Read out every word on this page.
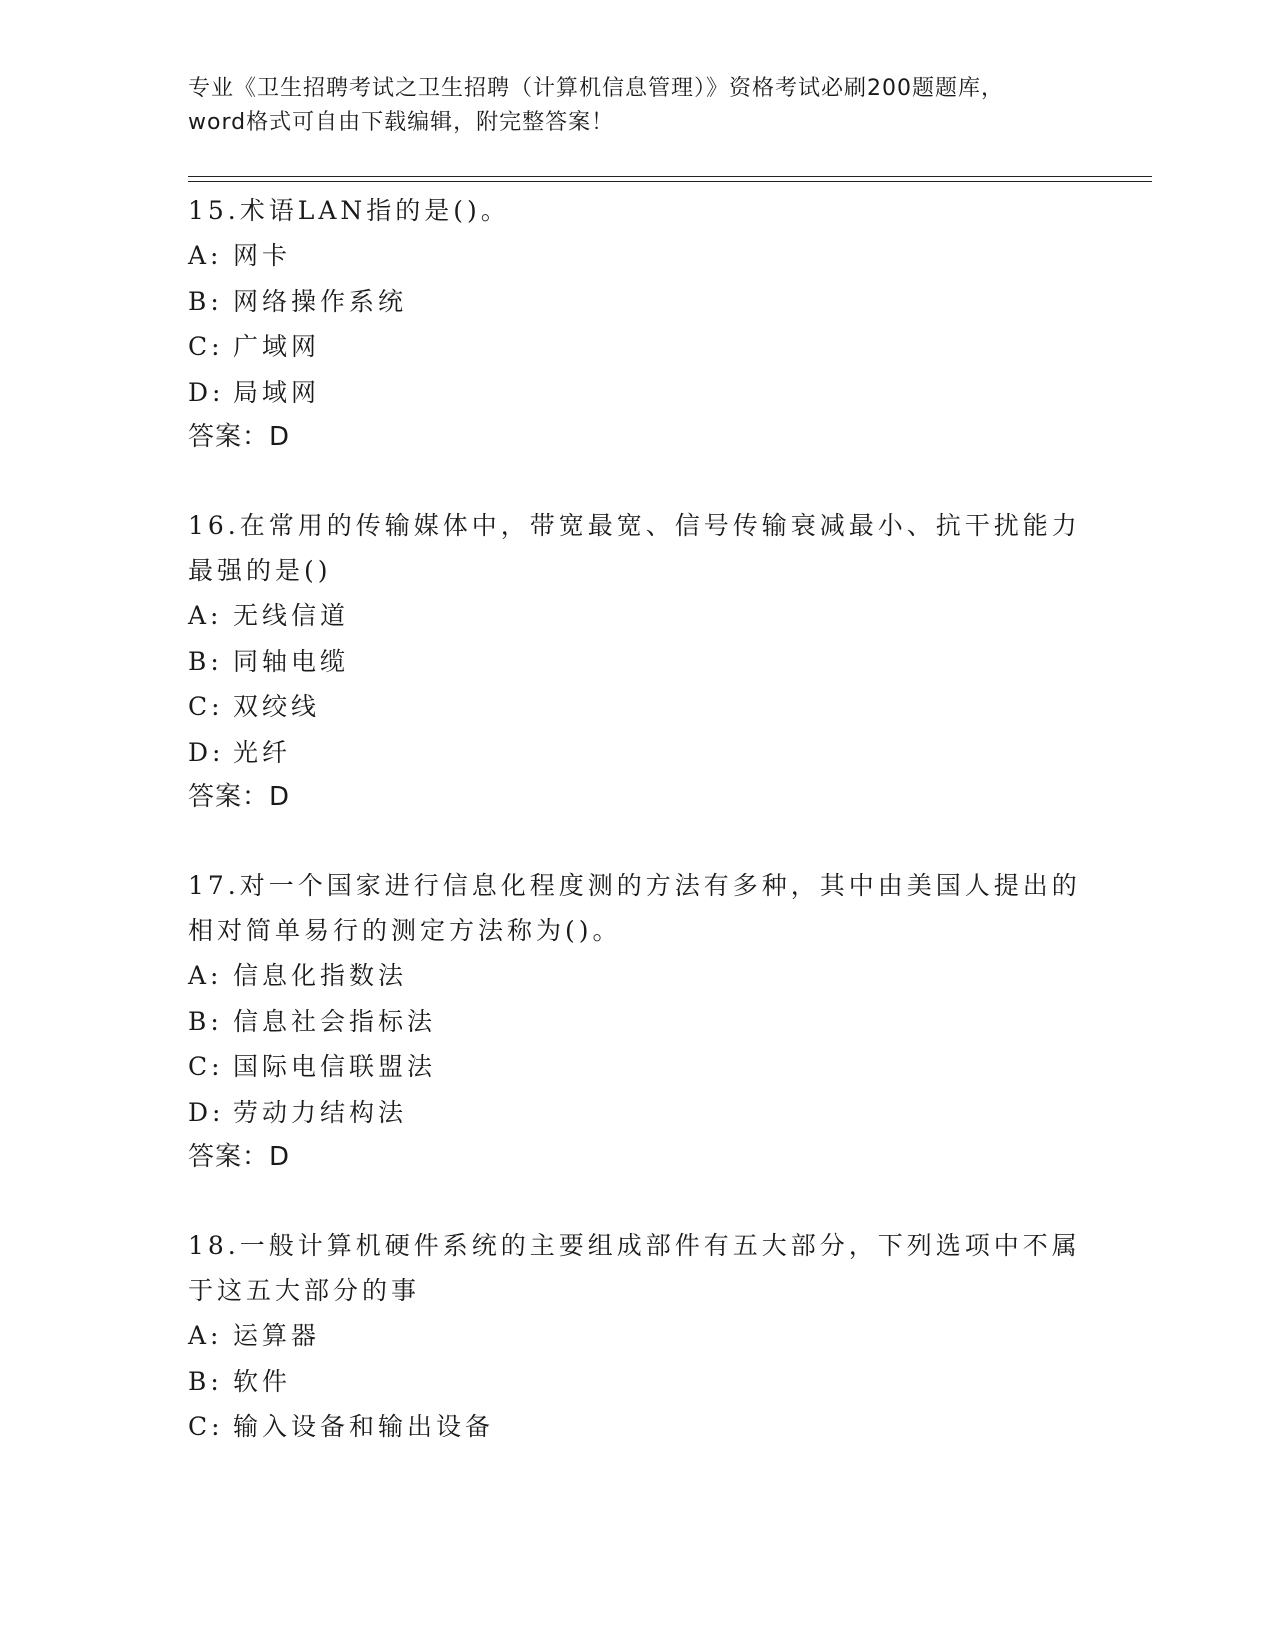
专业《卫生招聘考试之卫生招聘（计算机信息管理）》资格考试必刷200题题库，
word格式可自由下载编辑，附完整答案！
15.术语LAN指的是()。
A: 网卡
B: 网络操作系统
C: 广域网
D: 局域网
答案：D
16.在常用的传输媒体中，带宽最宽、信号传输衰减最小、抗干扰能力最强的是()
A: 无线信道
B: 同轴电缆
C: 双绞线
D: 光纤
答案：D
17.对一个国家进行信息化程度测的方法有多种，其中由美国人提出的相对简单易行的测定方法称为()。
A: 信息化指数法
B: 信息社会指标法
C: 国际电信联盟法
D: 劳动力结构法
答案：D
18.一般计算机硬件系统的主要组成部件有五大部分，下列选项中不属于这五大部分的事
A: 运算器
B: 软件
C: 输入设备和输出设备
